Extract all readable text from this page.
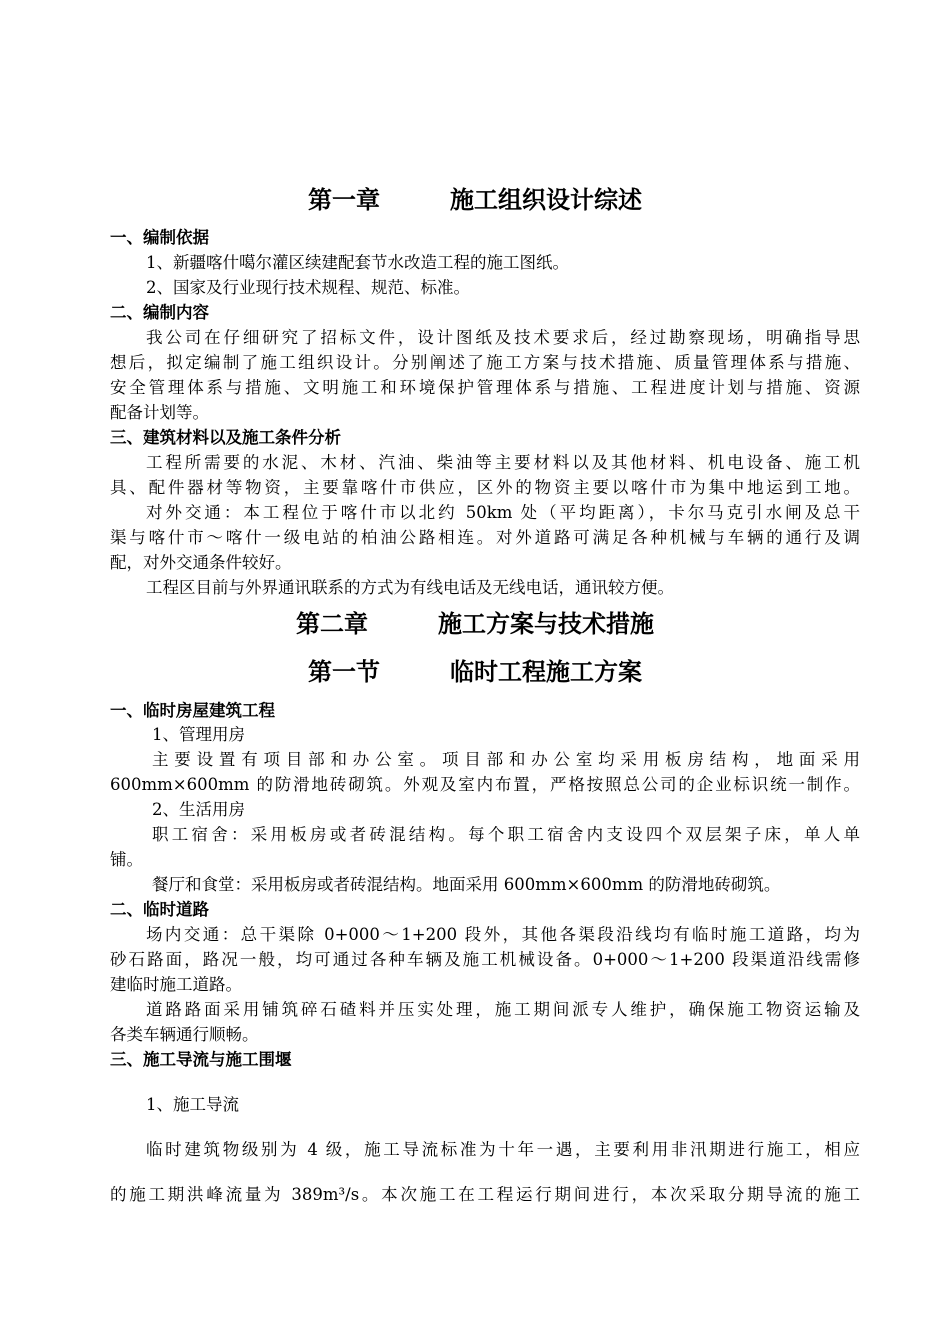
第一章	施工组织设计综述
一、编制依据
1、新疆喀什噶尔灌区续建配套节水改造工程的施工图纸。
2、国家及行业现行技术规程、规范、标准。
二、编制内容
我公司在仔细研究了招标文件，设计图纸及技术要求后，经过勘察现场，明确指导思
想后，拟定编制了施工组织设计。分别阐述了施工方案与技术措施、质量管理体系与措施、
安全管理体系与措施、文明施工和环境保护管理体系与措施、工程进度计划与措施、资源
配备计划等。
三、建筑材料以及施工条件分析
工程所需要的水泥、木材、汽油、柴油等主要材料以及其他材料、机电设备、施工机
具、配件器材等物资，主要靠喀什市供应，区外的物资主要以喀什市为集中地运到工地。
对外交通：本工程位于喀什市以北约 50km 处（平均距离），卡尔马克引水闸及总干
渠与喀什市～喀什一级电站的柏油公路相连。对外道路可满足各种机械与车辆的通行及调
配，对外交通条件较好。
工程区目前与外界通讯联系的方式为有线电话及无线电话，通讯较方便。
第二章	施工方案与技术措施
第一节	临时工程施工方案
一、临时房屋建筑工程
1、管理用房
主要设置有项目部和办公室。项目部和办公室均采用板房结构，地面采用
600mm×600mm 的防滑地砖砌筑。外观及室内布置，严格按照总公司的企业标识统一制作。
2、生活用房
职工宿舍：采用板房或者砖混结构。每个职工宿舍内支设四个双层架子床，单人单
铺。
餐厅和食堂：采用板房或者砖混结构。地面采用 600mm×600mm 的防滑地砖砌筑。
二、临时道路
场内交通：总干渠除 0+000～1+200 段外，其他各渠段沿线均有临时施工道路，均为
砂石路面，路况一般，均可通过各种车辆及施工机械设备。0+000～1+200 段渠道沿线需修
建临时施工道路。
道路路面采用铺筑碎石碴料并压实处理，施工期间派专人维护，确保施工物资运输及
各类车辆通行顺畅。
三、施工导流与施工围堰
1、施工导流
临时建筑物级别为 4 级，施工导流标准为十年一遇，主要利用非汛期进行施工，相应
的施工期洪峰流量为 389m³/s。本次施工在工程运行期间进行，本次采取分期导流的施工
